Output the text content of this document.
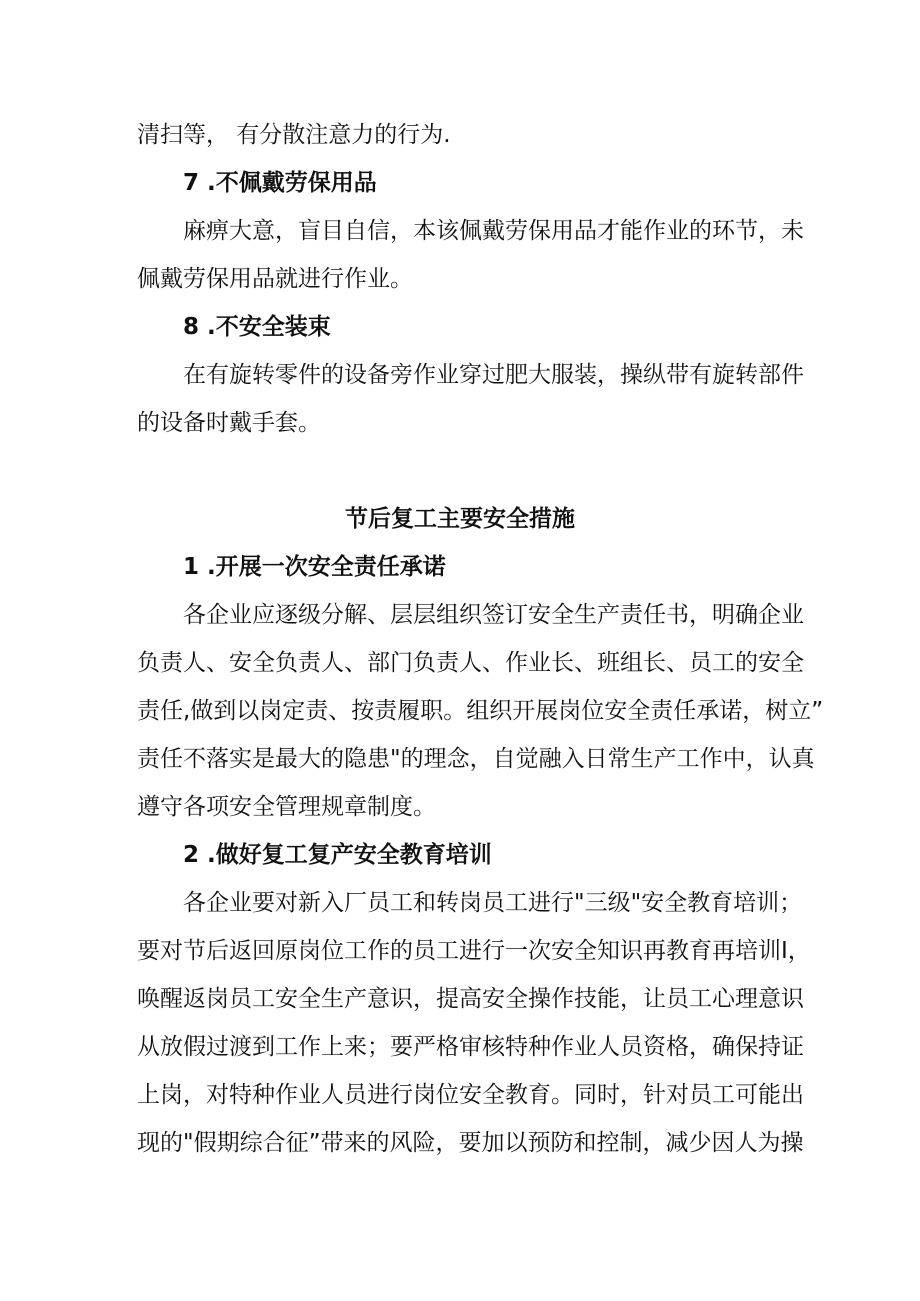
清扫等， 有分散注意力的行为.

7 .不佩戴劳保用品

麻痹大意，盲目自信，本该佩戴劳保用品才能作业的环节，未

佩戴劳保用品就进行作业。

8 .不安全装束

在有旋转零件的设备旁作业穿过肥大服装，操纵带有旋转部件

的设备时戴手套。

节后复工主要安全措施

1 .开展一次安全责任承诺

各企业应逐级分解、层层组织签订安全生产责任书，明确企业

负责人、安全负责人、部门负责人、作业长、班组长、员工的安全

责任,做到以岗定责、按责履职。组织开展岗位安全责任承诺，树立”

责任不落实是最大的隐患"的理念，自觉融入日常生产工作中，认真

遵守各项安全管理规章制度。

2 .做好复工复产安全教育培训

各企业要对新入厂员工和转岗员工进行"三级"安全教育培训；

要对节后返回原岗位工作的员工进行一次安全知识再教育再培训Ⅰ，

唤醒返岗员工安全生产意识，提高安全操作技能，让员工心理意识

从放假过渡到工作上来；要严格审核特种作业人员资格，确保持证

上岗，对特种作业人员进行岗位安全教育。同时，针对员工可能出

现的"假期综合征”带来的风险，要加以预防和控制，减少因人为操
